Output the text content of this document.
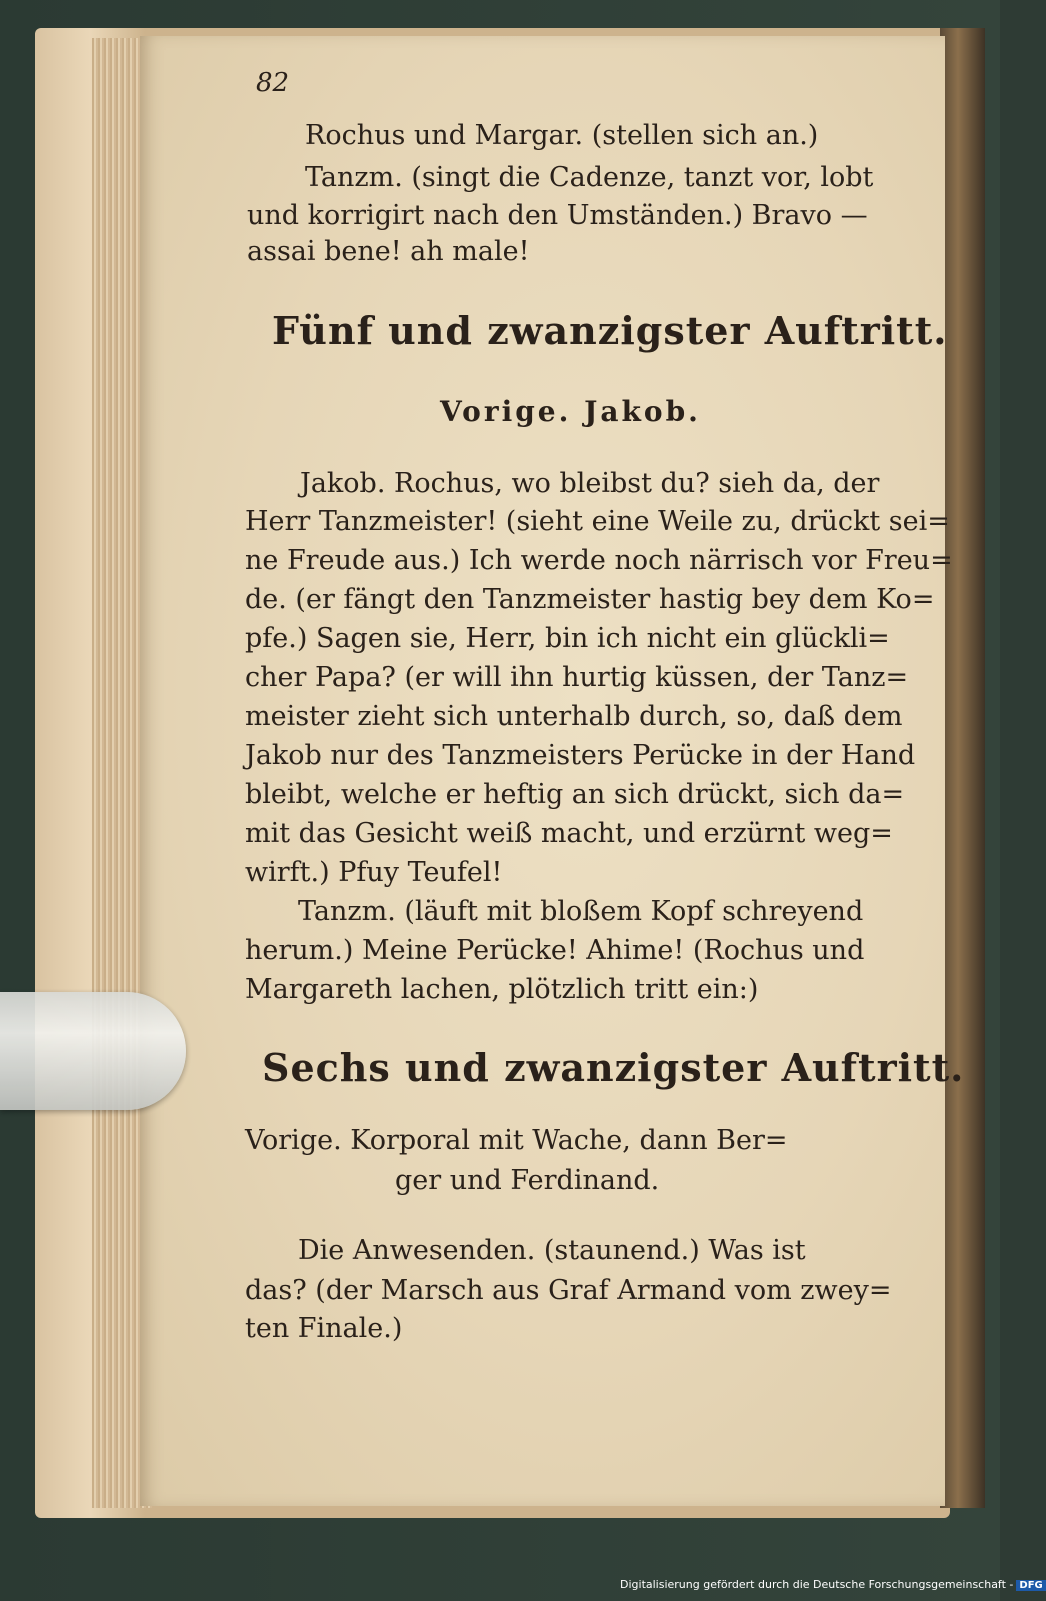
82
Rochus und Margar. (stellen sich an.)
Tanzm. (singt die Cadenze, tanzt vor, lobt
und korrigirt nach den Umständen.) Bravo —
assai bene! ah male!
Fünf und zwanzigster Auftritt.
Vorige. Jakob.
Jakob. Rochus, wo bleibst du? sieh da, der
Herr Tanzmeister! (sieht eine Weile zu, drückt sei=
ne Freude aus.) Ich werde noch närrisch vor Freu=
de. (er fängt den Tanzmeister hastig bey dem Ko=
pfe.) Sagen sie, Herr, bin ich nicht ein glückli=
cher Papa? (er will ihn hurtig küssen, der Tanz=
meister zieht sich unterhalb durch, so, daß dem
Jakob nur des Tanzmeisters Perücke in der Hand
bleibt, welche er heftig an sich drückt, sich da=
mit das Gesicht weiß macht, und erzürnt weg=
wirft.) Pfuy Teufel!
Tanzm. (läuft mit bloßem Kopf schreyend
herum.) Meine Perücke! Ahime! (Rochus und
Margareth lachen, plötzlich tritt ein:)
Sechs und zwanzigster Auftritt.
Vorige. Korporal mit Wache, dann Ber=
ger und Ferdinand.
Die Anwesenden. (staunend.) Was ist
das? (der Marsch aus Graf Armand vom zwey=
ten Finale.)
Digitalisierung gefördert durch die Deutsche Forschungsgemeinschaft - DFG
